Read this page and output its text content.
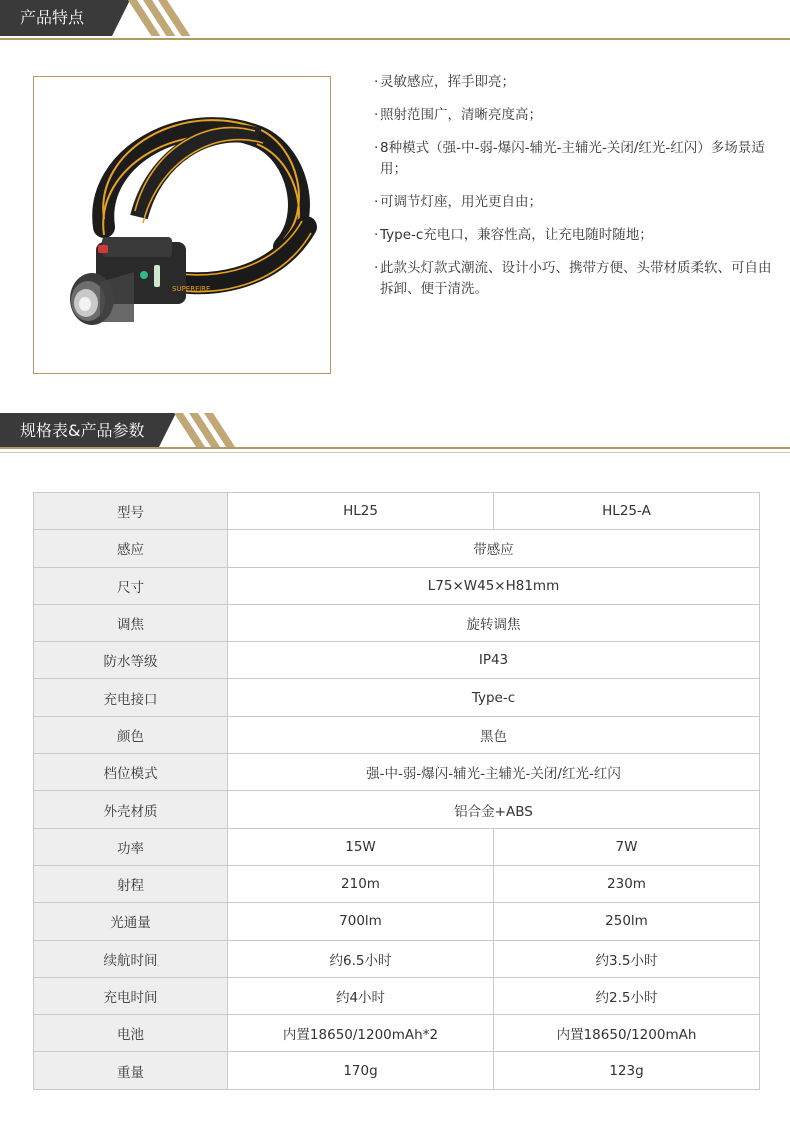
产品特点
SUPERFIRE
· 灵敏感应，挥手即亮；
· 照射范围广，清晰亮度高；
· 8种模式（强-中-弱-爆闪-辅光-主辅光-关闭/红光-红闪）多场景适用；
· 可调节灯座，用光更自由；
· Type-c充电口，兼容性高，让充电随时随地；
· 此款头灯款式潮流、设计小巧、携带方便、头带材质柔软、可自由拆卸、便于清洗。
规格表&产品参数
型号	HL25	HL25-A
感应	带感应	
尺寸	L75×W45×H81mm	
调焦	旋转调焦	
防水等级	IP43	
充电接口	Type-c	
颜色	黑色	
档位模式	强-中-弱-爆闪-辅光-主辅光-关闭/红光-红闪	
外壳材质	铝合金+ABS	
功率	15W	7W
射程	210m	230m
光通量	700lm	250lm
续航时间	约6.5小时	约3.5小时
充电时间	约4小时	约2.5小时
电池	内置18650/1200mAh*2	内置18650/1200mAh
重量	170g	123g
